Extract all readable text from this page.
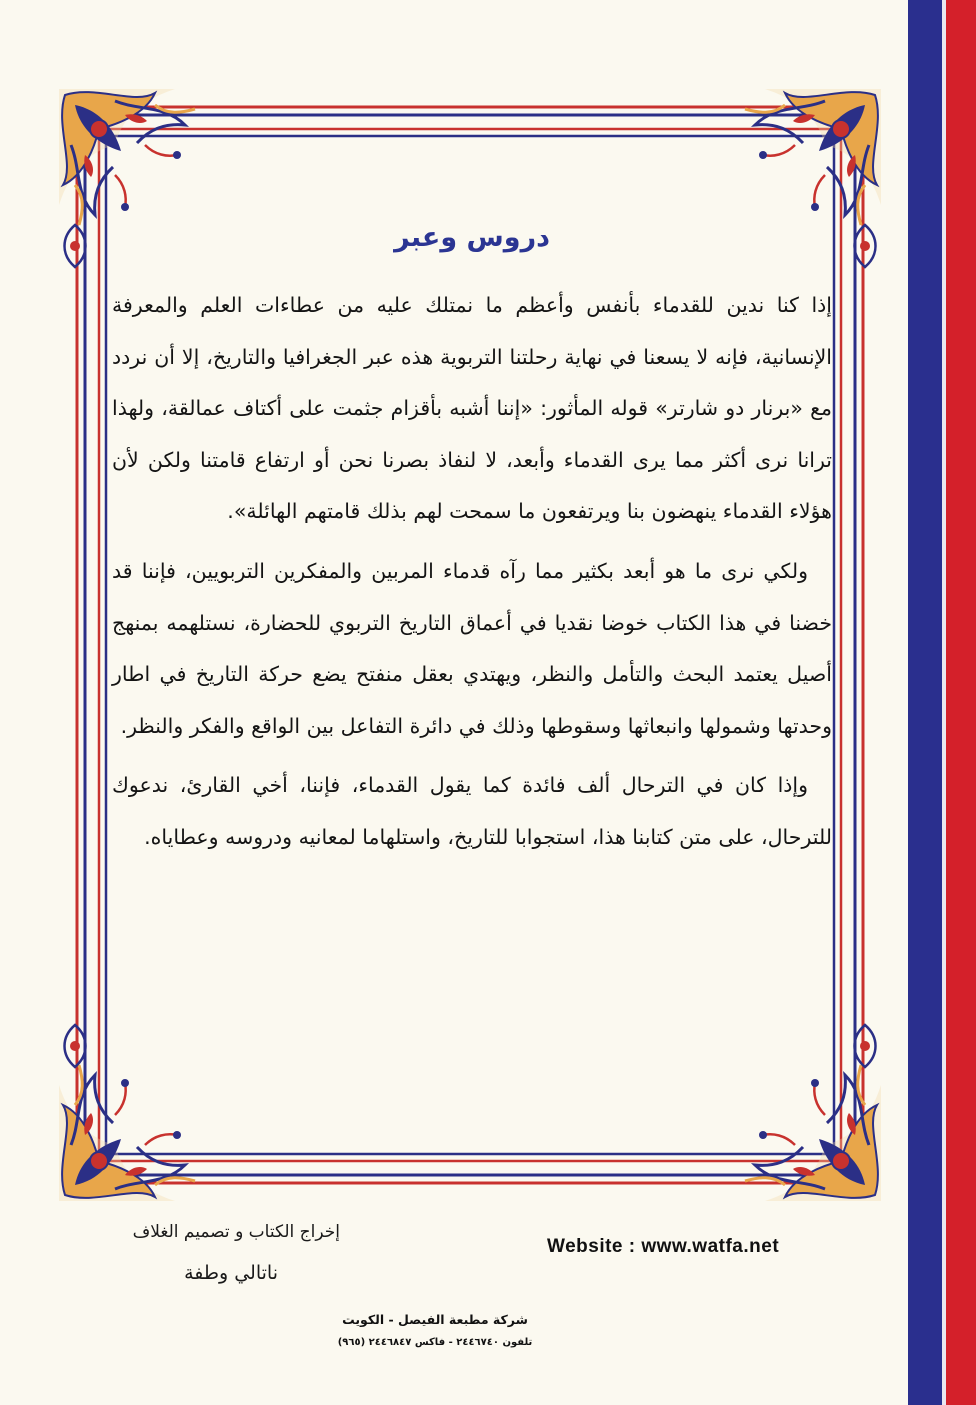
دروس وعبر

إذا كنا ندين للقدماء بأنفس وأعظم ما نمتلك عليه من عطاءات العلم والمعرفة الإنسانية، فإنه لا يسعنا في نهاية رحلتنا التربوية هذه عبر الجغرافيا والتاريخ، إلا أن نردد مع «برنار دو شارتر» قوله المأثور: «إننا أشبه بأقزام جثمت على أكتاف عمالقة، ولهذا ترانا نرى أكثر مما يرى القدماء وأبعد، لا لنفاذ بصرنا نحن أو ارتفاع قامتنا ولكن لأن هؤلاء القدماء ينهضون بنا ويرتفعون ما سمحت لهم بذلك قامتهم الهائلة».

ولكي نرى ما هو أبعد بكثير مما رآه قدماء المربين والمفكرين التربويين، فإننا قد خضنا في هذا الكتاب خوضا نقديا في أعماق التاريخ التربوي للحضارة، نستلهمه بمنهج أصيل يعتمد البحث والتأمل والنظر، ويهتدي بعقل منفتح يضع حركة التاريخ في اطار وحدتها وشمولها وانبعاثها وسقوطها وذلك في دائرة التفاعل بين الواقع والفكر والنظر.

وإذا كان في الترحال ألف فائدة كما يقول القدماء، فإننا، أخي القارئ، ندعوك للترحال، على متن كتابنا هذا، استجوابا للتاريخ، واستلهاما لمعانيه ودروسه وعطاياه.

إخراج الكتاب و تصميم الغلاف
ناتالي وطفة
Website : www.watfa.net
شركة مطبعة الفيصل - الكويت
تلفون ٢٤٤٦٧٤٠ - فاكس ٢٤٤٦٨٤٧ (٩٦٥)
